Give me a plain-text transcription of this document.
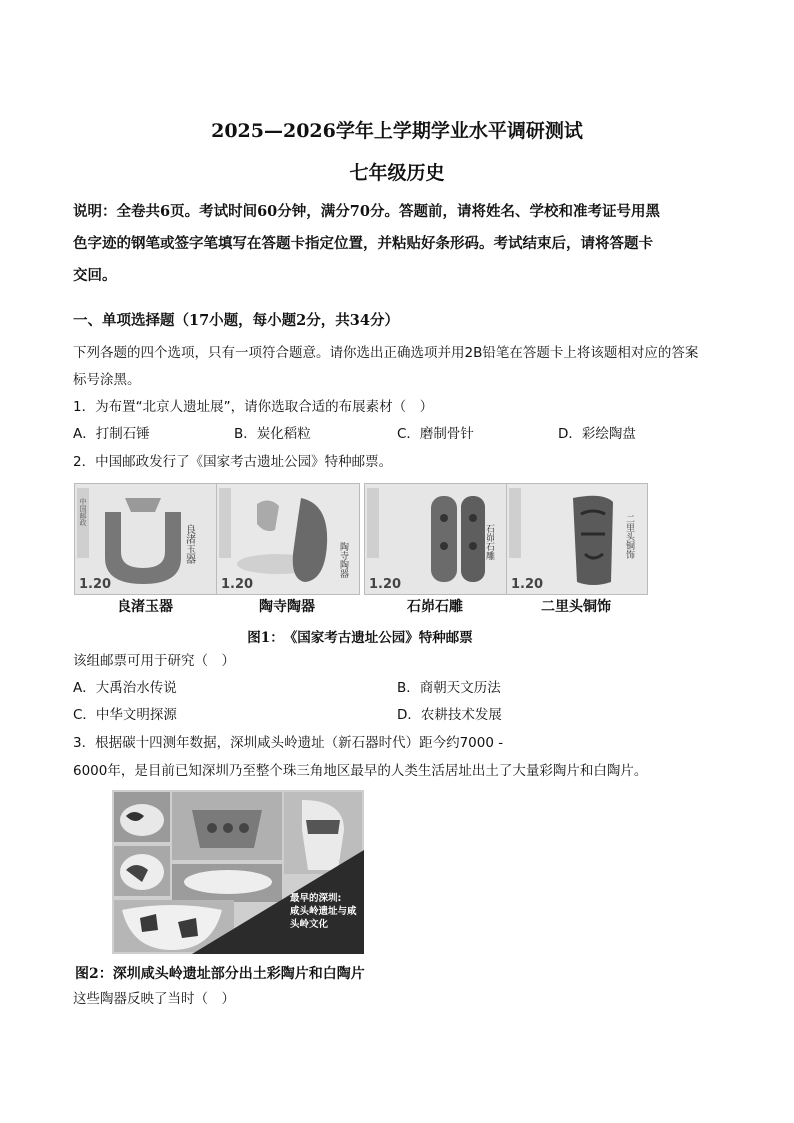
2025—2026学年上学期学业水平调研测试
七年级历史
说明：全卷共6页。考试时间60分钟，满分70分。答题前，请将姓名、学校和准考证号用黑
色字迹的钢笔或签字笔填写在答题卡指定位置，并粘贴好条形码。考试结束后，请将答题卡
交回。
一、单项选择题（17小题，每小题2分，共34分）
下列各题的四个选项，只有一项符合题意。请你选出正确选项并用2B铅笔在答题卡上将该题相对应的答案
标号涂黑。
1．为布置“北京人遗址展”，请你选取合适的布展素材（　）
A．打制石锤	B．炭化稻粒	C．磨制骨针	D．彩绘陶盘
2．中国邮政发行了《国家考古遗址公园》特种邮票。
中国邮政
良渚玉器
1.20
陶寺陶器
1.20
石峁石雕
1.20
二里头铜饰
1.20
良渚玉器	陶寺陶器	石峁石雕	二里头铜饰
图1：　《国家考古遗址公园》特种邮票
该组邮票可用于研究（　）
A．大禹治水传说	B．商朝天文历法
C．中华文明探源	D．农耕技术发展
3．根据碳十四测年数据，深圳咸头岭遗址（新石器时代）距今约7000 -
6000年，是目前已知深圳乃至整个珠三角地区最早的人类生活居址出土了大量彩陶片和白陶片。
最早的深圳:
咸头岭遗址与咸头岭文化
图2：深圳咸头岭遗址部分出土彩陶片和白陶片
这些陶器反映了当时（　）
